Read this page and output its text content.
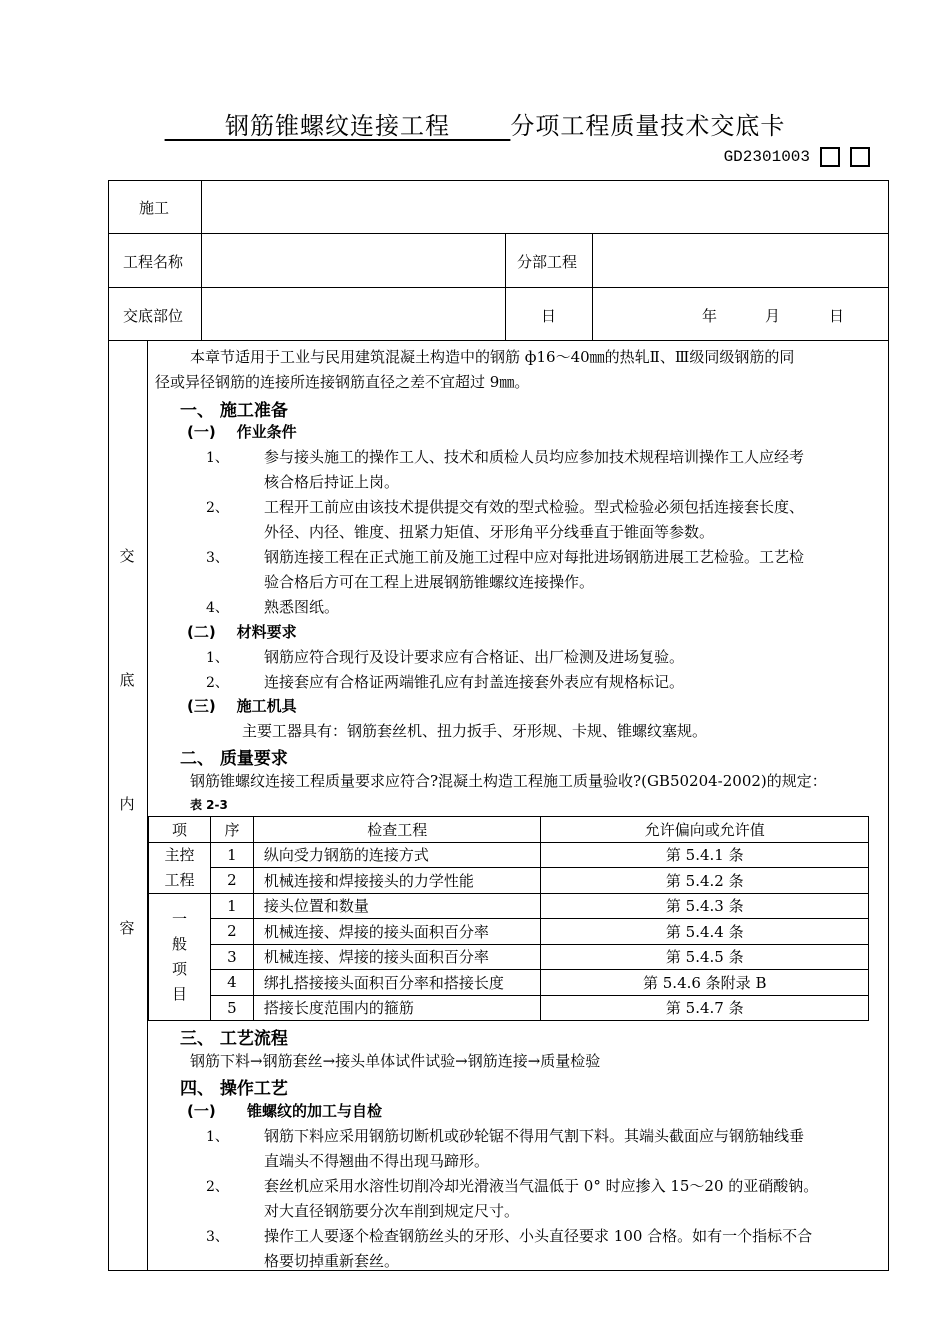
钢筋锥螺纹连接工程	分项工程质量技术交底卡
GD2301003
施工
工程名称	分部工程
交底部位	日	年	月	日
交
底
内
容
本章节适用于工业与民用建筑混凝土构造中的钢筋 ф16～40㎜的热轧Ⅱ、Ⅲ级同级钢筋的同
径或异径钢筋的连接所连接钢筋直径之差不宜超过 9㎜。
一、 施工准备
(一)    作业条件
1、 参与接头施工的操作工人、技术和质检人员均应参加技术规程培训操作工人应经考
核合格后持证上岗。
2、 工程开工前应由该技术提供提交有效的型式检验。型式检验必须包括连接套长度、
外径、内径、锥度、扭紧力矩值、牙形角平分线垂直于锥面等参数。
3、 钢筋连接工程在正式施工前及施工过程中应对每批进场钢筋进展工艺检验。工艺检
验合格后方可在工程上进展钢筋锥螺纹连接操作。
4、 熟悉图纸。
(二)    材料要求
1、 钢筋应符合现行及设计要求应有合格证、出厂检测及进场复验。
2、 连接套应有合格证两端锥孔应有封盖连接套外表应有规格标记。
(三)    施工机具
主要工器具有：钢筋套丝机、扭力扳手、牙形规、卡规、锥螺纹塞规。
二、 质量要求
钢筋锥螺纹连接工程质量要求应符合?混凝土构造工程施工质量验收?(GB50204-2002)的规定：
表 2-3
项	序	检查工程	允许偏向或允许值
主控工程	1	纵向受力钢筋的连接方式	第 5.4.1 条
	2	机械连接和焊接接头的力学性能	第 5.4.2 条
一般项目	1	接头位置和数量	第 5.4.3 条
	2	机械连接、焊接的接头面积百分率	第 5.4.4 条
	3	机械连接、焊接的接头面积百分率	第 5.4.5 条
	4	绑扎搭接接头面积百分率和搭接长度	第 5.4.6 条附录 B
	5	搭接长度范围内的箍筋	第 5.4.7 条
三、 工艺流程
钢筋下料→钢筋套丝→接头单体试件试验→钢筋连接→质量检验
四、 操作工艺
(一)      锥螺纹的加工与自检
1、 钢筋下料应采用钢筋切断机或砂轮锯不得用气割下料。其端头截面应与钢筋轴线垂
直端头不得翘曲不得出现马蹄形。
2、 套丝机应采用水溶性切削冷却光滑液当气温低于 0° 时应掺入 15～20 的亚硝酸钠。
对大直径钢筋要分次车削到规定尺寸。
3、 操作工人要逐个检查钢筋丝头的牙形、小头直径要求 100 合格。如有一个指标不合
格要切掉重新套丝。
